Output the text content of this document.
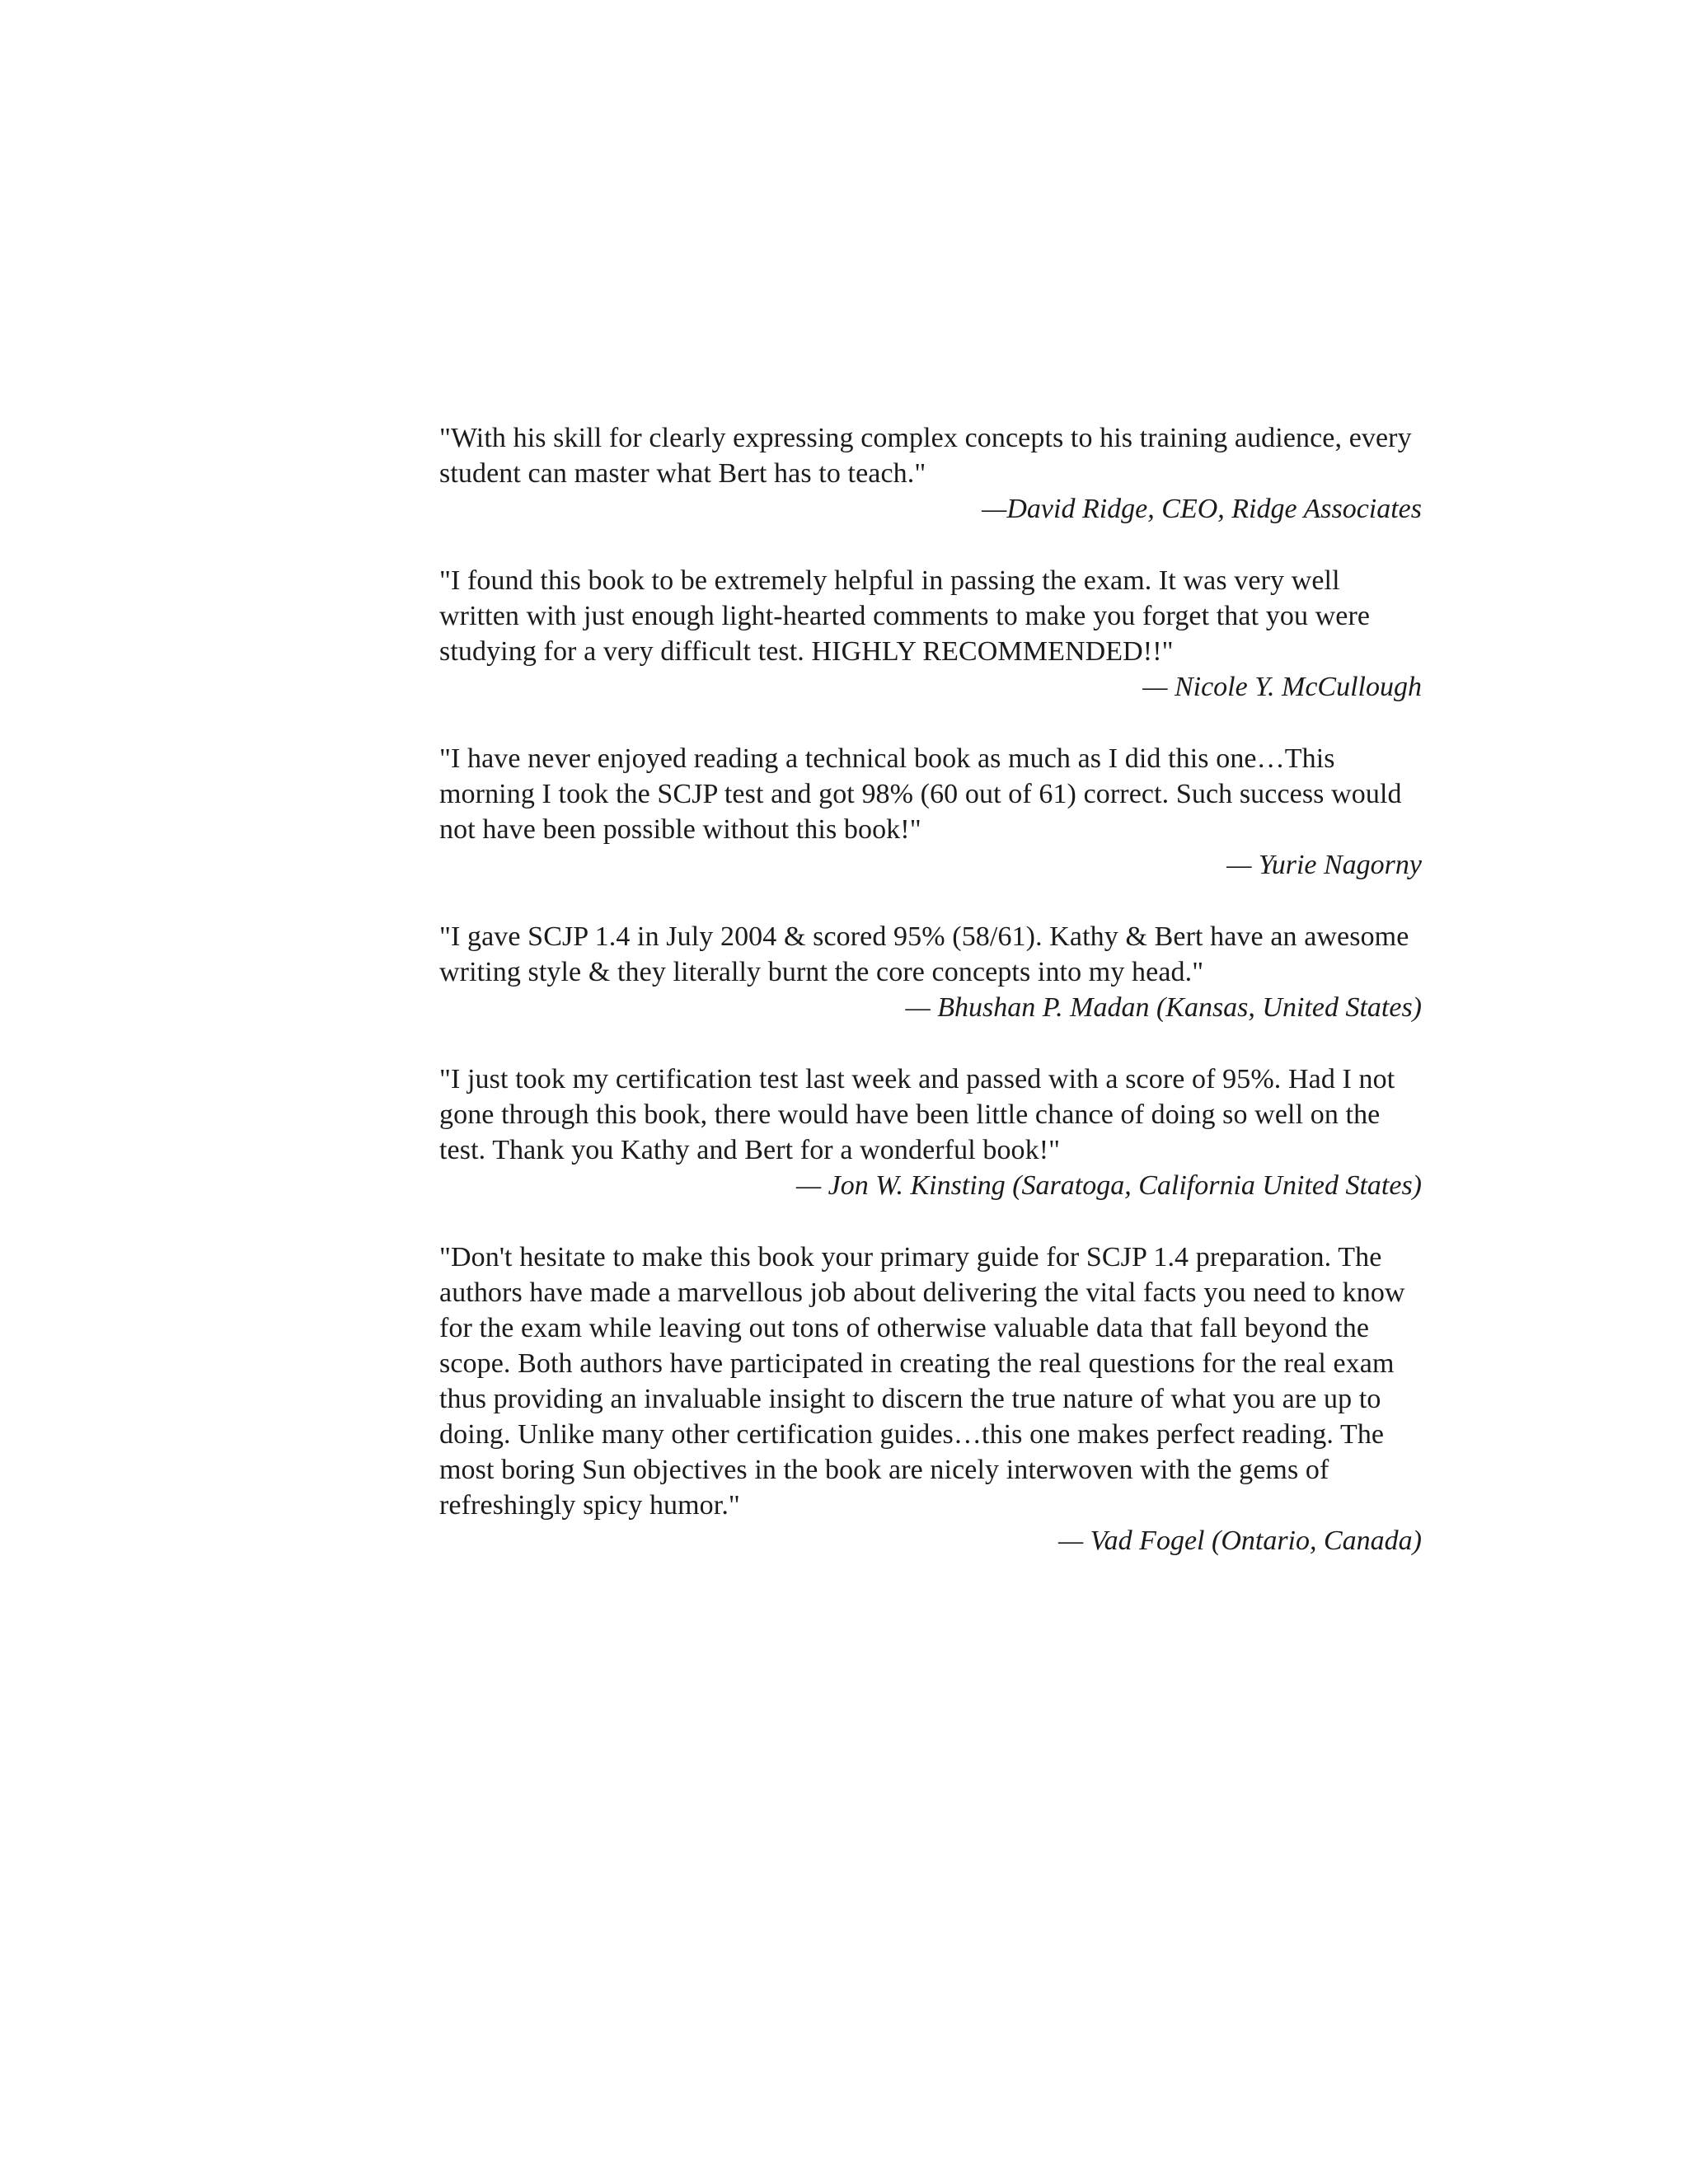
"With his skill for clearly expressing complex concepts to his training audience, every student can master what Bert has to teach."

—David Ridge, CEO, Ridge Associates

"I found this book to be extremely helpful in passing the exam. It was very well written with just enough light-hearted comments to make you forget that you were studying for a very difficult test. HIGHLY RECOMMENDED!!"

— Nicole Y. McCullough

"I have never enjoyed reading a technical book as much as I did this one…This morning I took the SCJP test and got 98% (60 out of 61) correct. Such success would not have been possible without this book!"

— Yurie Nagorny

"I gave SCJP 1.4 in July 2004 & scored 95% (58/61). Kathy & Bert have an awesome writing style & they literally burnt the core concepts into my head."

— Bhushan P. Madan (Kansas, United States)

"I just took my certification test last week and passed with a score of 95%. Had I not gone through this book, there would have been little chance of doing so well on the test. Thank you Kathy and Bert for a wonderful book!"

— Jon W. Kinsting (Saratoga, California United States)

"Don't hesitate to make this book your primary guide for SCJP 1.4 preparation. The authors have made a marvellous job about delivering the vital facts you need to know for the exam while leaving out tons of otherwise valuable data that fall beyond the scope. Both authors have participated in creating the real questions for the real exam thus providing an invaluable insight to discern the true nature of what you are up to doing. Unlike many other certification guides…this one makes perfect reading. The most boring Sun objectives in the book are nicely interwoven with the gems of refreshingly spicy humor."

— Vad Fogel (Ontario, Canada)
